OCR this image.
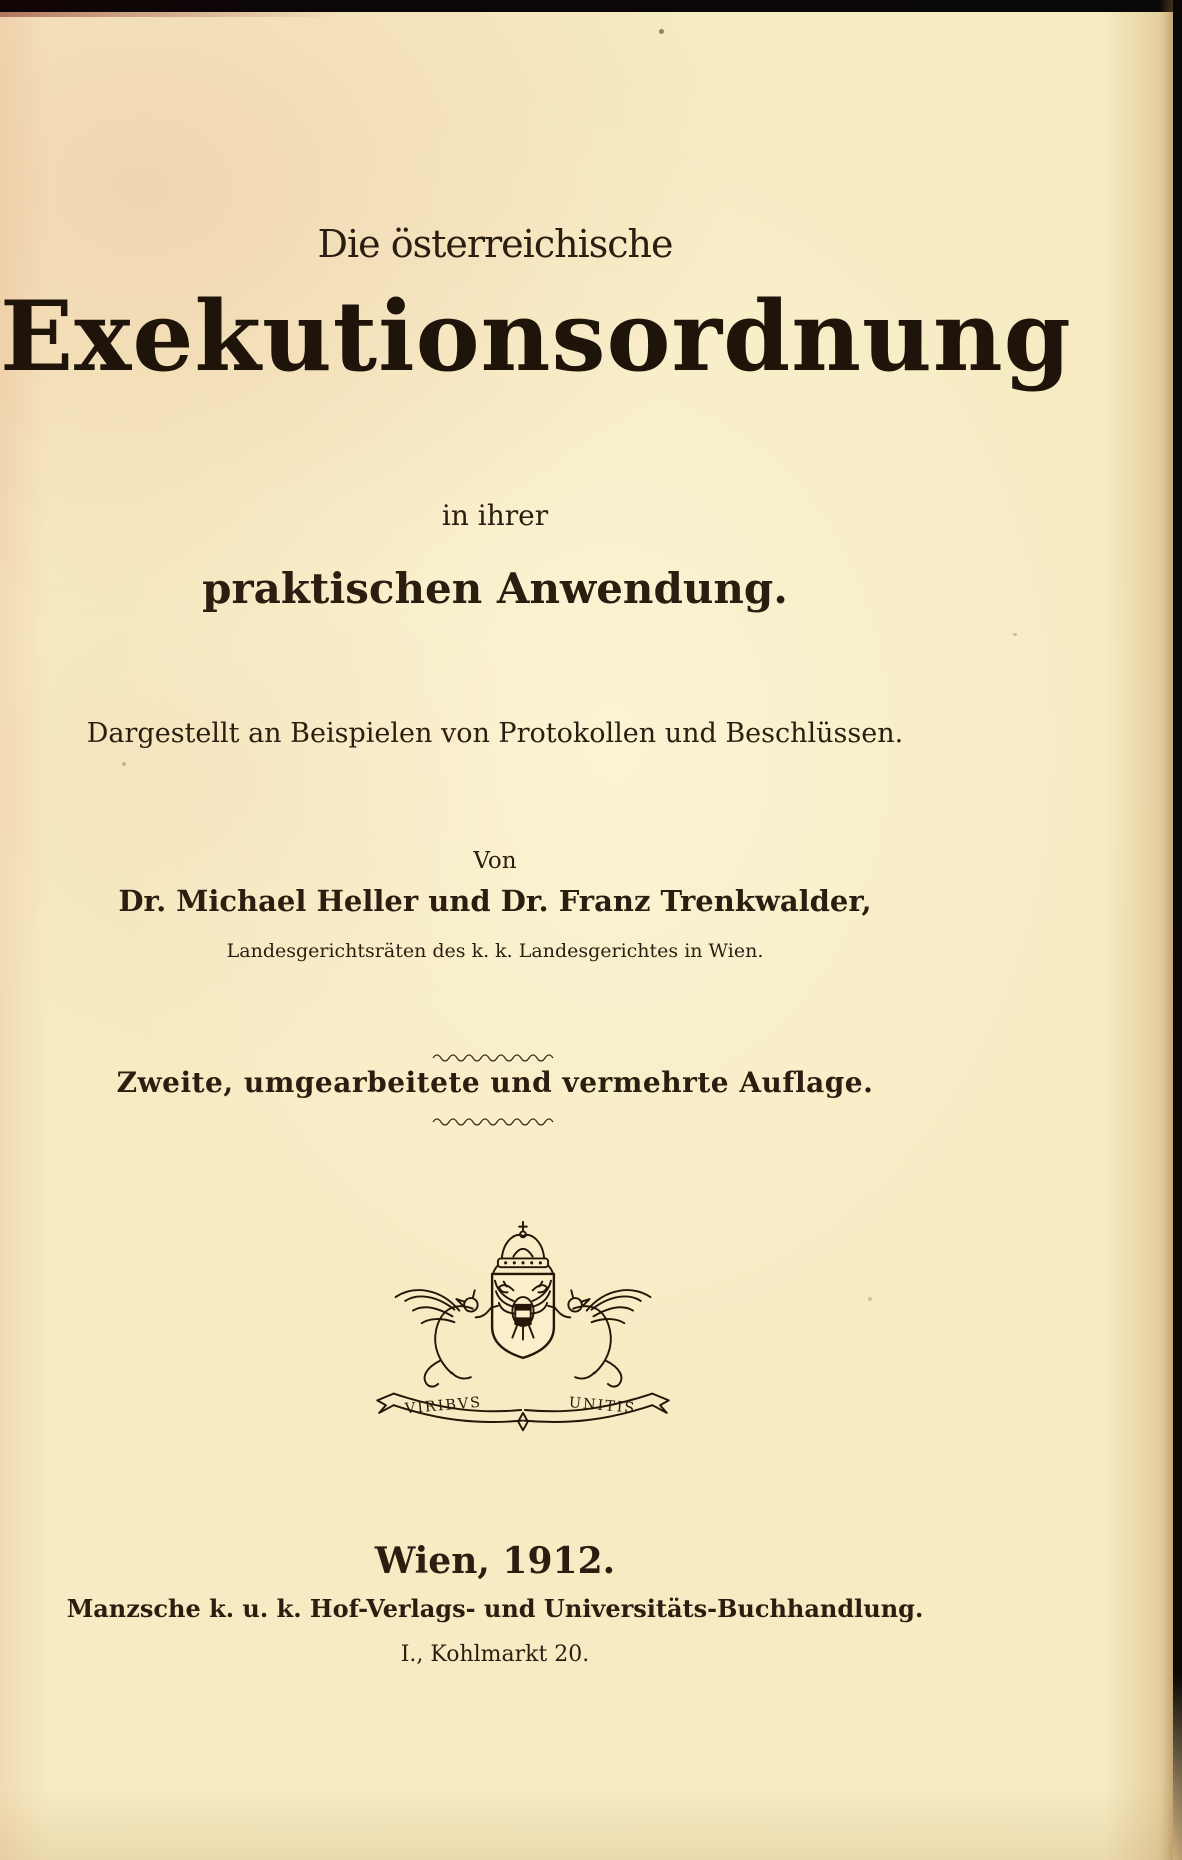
Die österreichische
Exekutionsordnung
in ihrer
praktischen Anwendung.
Dargestellt an Beispielen von Protokollen und Beschlüssen.
Von
Dr. Michael Heller und Dr. Franz Trenkwalder,
Landesgerichtsräten des k. k. Landesgerichtes in Wien.
Zweite, umgearbeitete und vermehrte Auflage.
VIRIBVS	UNITIS
Wien, 1912.
Manzsche k. u. k. Hof-Verlags- und Universitäts-Buchhandlung.
I., Kohlmarkt 20.
